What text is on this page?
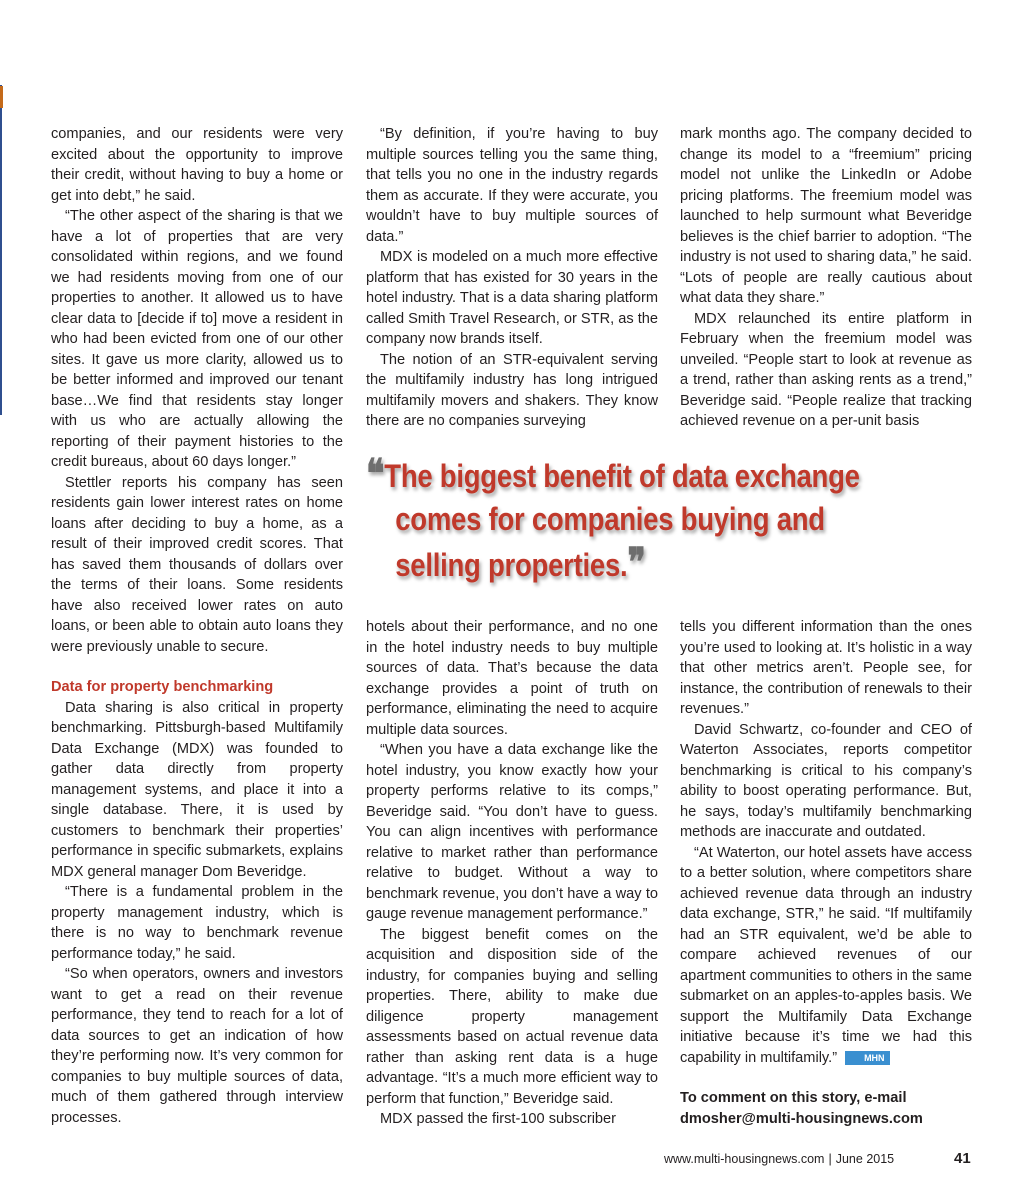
companies, and our residents were very excited about the opportunity to improve their credit, without having to buy a home or get into debt,” he said.

“The other aspect of the sharing is that we have a lot of properties that are very consolidated within regions, and we found we had residents moving from one of our properties to another. It allowed us to have clear data to [decide if to] move a resident in who had been evicted from one of our other sites. It gave us more clarity, allowed us to be better informed and improved our tenant base…We find that residents stay longer with us who are actually allowing the reporting of their payment histories to the credit bureaus, about 60 days longer.”

Stettler reports his company has seen residents gain lower interest rates on home loans after deciding to buy a home, as a result of their improved credit scores. That has saved them thousands of dollars over the terms of their loans. Some residents have also received lower rates on auto loans, or been able to obtain auto loans they were previously unable to secure.

Data for property benchmarking

Data sharing is also critical in property benchmarking. Pittsburgh-based Multifamily Data Exchange (MDX) was founded to gather data directly from property management systems, and place it into a single database. There, it is used by customers to benchmark their properties’ performance in specific submarkets, explains MDX general manager Dom Beveridge.

“There is a fundamental problem in the property management industry, which is there is no way to benchmark revenue performance today,” he said.

“So when operators, owners and investors want to get a read on their revenue performance, they tend to reach for a lot of data sources to get an indication of how they’re performing now. It’s very common for companies to buy multiple sources of data, much of them gathered through interview processes.

“By definition, if you’re having to buy multiple sources telling you the same thing, that tells you no one in the industry regards them as accurate. If they were accurate, you wouldn’t have to buy multiple sources of data.”

MDX is modeled on a much more effective platform that has existed for 30 years in the hotel industry. That is a data sharing platform called Smith Travel Research, or STR, as the company now brands itself.

The notion of an STR-equivalent serving the multifamily industry has long intrigued multifamily movers and shakers. They know there are no companies surveying

mark months ago. The company decided to change its model to a “freemium” pricing model not unlike the LinkedIn or Adobe pricing platforms. The freemium model was launched to help surmount what Beveridge believes is the chief barrier to adoption. “The industry is not used to sharing data,” he said. “Lots of people are really cautious about what data they share.”

MDX relaunched its entire platform in February when the freemium model was unveiled. “People start to look at revenue as a trend, rather than asking rents as a trend,” Beveridge said. “People realize that tracking achieved revenue on a per-unit basis

❝The biggest benefit of data exchange
comes for companies buying and
selling properties.❞

hotels about their performance, and no one in the hotel industry needs to buy multiple sources of data. That’s because the data exchange provides a point of truth on performance, eliminating the need to acquire multiple data sources.

“When you have a data exchange like the hotel industry, you know exactly how your property performs relative to its comps,” Beveridge said. “You don’t have to guess. You can align incentives with performance relative to market rather than performance relative to budget. Without a way to benchmark revenue, you don’t have a way to gauge revenue management performance.”

The biggest benefit comes on the acquisition and disposition side of the industry, for companies buying and selling properties. There, ability to make due diligence property management assessments based on actual revenue data rather than asking rent data is a huge advantage. “It’s a much more efficient way to perform that function,” Beveridge said.

MDX passed the first-100 subscriber

tells you different information than the ones you’re used to looking at. It’s holistic in a way that other metrics aren’t. People see, for instance, the contribution of renewals to their revenues.”

David Schwartz, co-founder and CEO of Waterton Associates, reports competitor benchmarking is critical to his company’s ability to boost operating performance. But, he says, today’s multifamily benchmarking methods are inaccurate and outdated.

“At Waterton, our hotel assets have access to a better solution, where competitors share achieved revenue data through an industry data exchange, STR,” he said. “If multifamily had an STR equivalent, we’d be able to compare achieved revenues of our apartment communities to others in the same submarket on an apples-to-apples basis. We support the Multifamily Data Exchange initiative because it’s time we had this capability in multifamily.”	MHN

To comment on this story, e-mail dmosher@multi-housingnews.com

www.multi-housingnews.com | June 2015	41
